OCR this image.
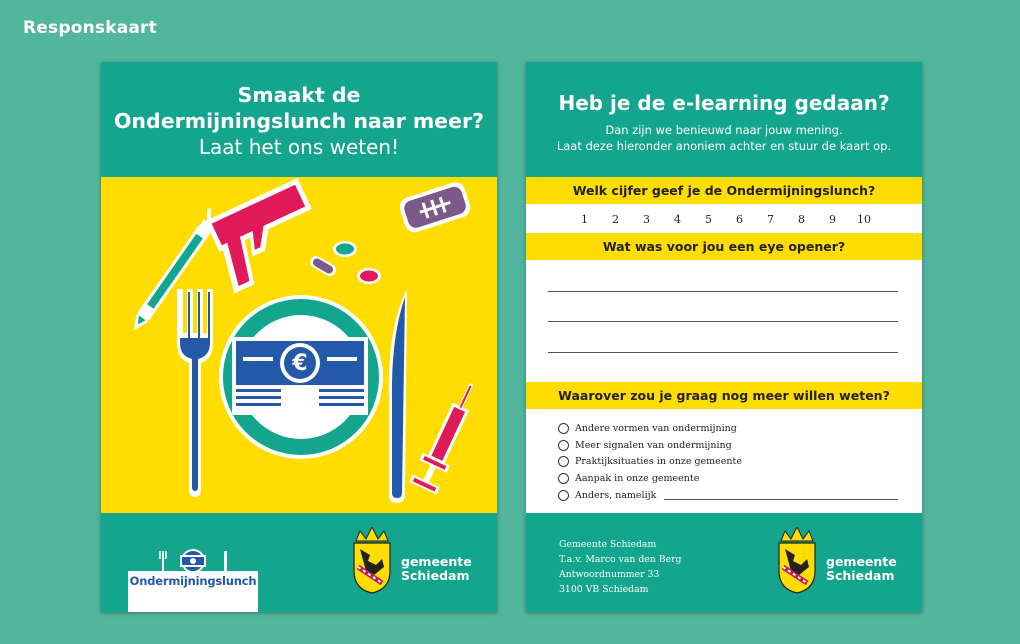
Responskaart
Smaakt de
Ondermijningslunch naar meer?
Laat het ons weten!
€
Ondermijningslunch
gemeente
Schiedam
Heb je de e-learning gedaan?
Dan zijn we benieuwd naar jouw mening.
Laat deze hieronder anoniem achter en stuur de kaart op.
Welk cijfer geef je de Ondermijningslunch?
1 2 3 4 5 6 7 8 9 10
Wat was voor jou een eye opener?
Waarover zou je graag nog meer willen weten?
Andere vormen van ondermijning
Meer signalen van ondermijning
Praktijksituaties in onze gemeente
Aanpak in onze gemeente
Anders, namelijk
Gemeente Schiedam
T.a.v. Marco van den Berg
Antwoordnummer 33
3100 VB Schiedam
gemeente
Schiedam
